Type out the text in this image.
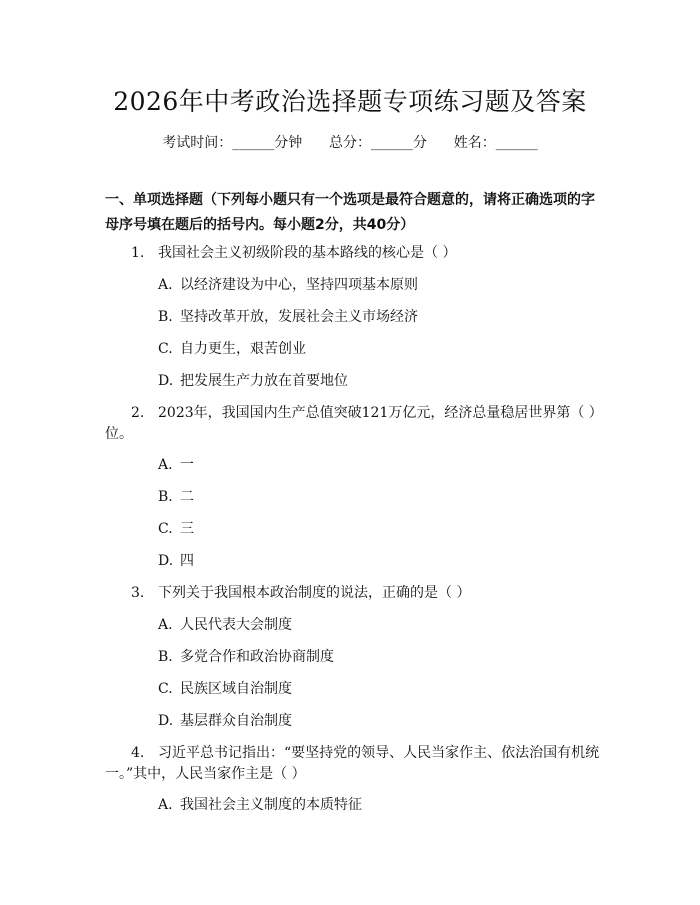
2026年中考政治选择题专项练习题及答案
考试时间：______分钟 总分：______分 姓名：______
一、单项选择题（下列每小题只有一个选项是最符合题意的，请将正确选项的字母序号填在题后的括号内。每小题2分，共40分）
1. 我国社会主义初级阶段的基本路线的核心是（ ）
A. 以经济建设为中心，坚持四项基本原则
B. 坚持改革开放，发展社会主义市场经济
C. 自力更生，艰苦创业
D. 把发展生产力放在首要地位
2. 2023年，我国国内生产总值突破121万亿元，经济总量稳居世界第（ ）
位。
A. 一
B. 二
C. 三
D. 四
3. 下列关于我国根本政治制度的说法，正确的是（ ）
A. 人民代表大会制度
B. 多党合作和政治协商制度
C. 民族区域自治制度
D. 基层群众自治制度
4. 习近平总书记指出：“要坚持党的领导、人民当家作主、依法治国有机统
一。”其中，人民当家作主是（ ）
A. 我国社会主义制度的本质特征
